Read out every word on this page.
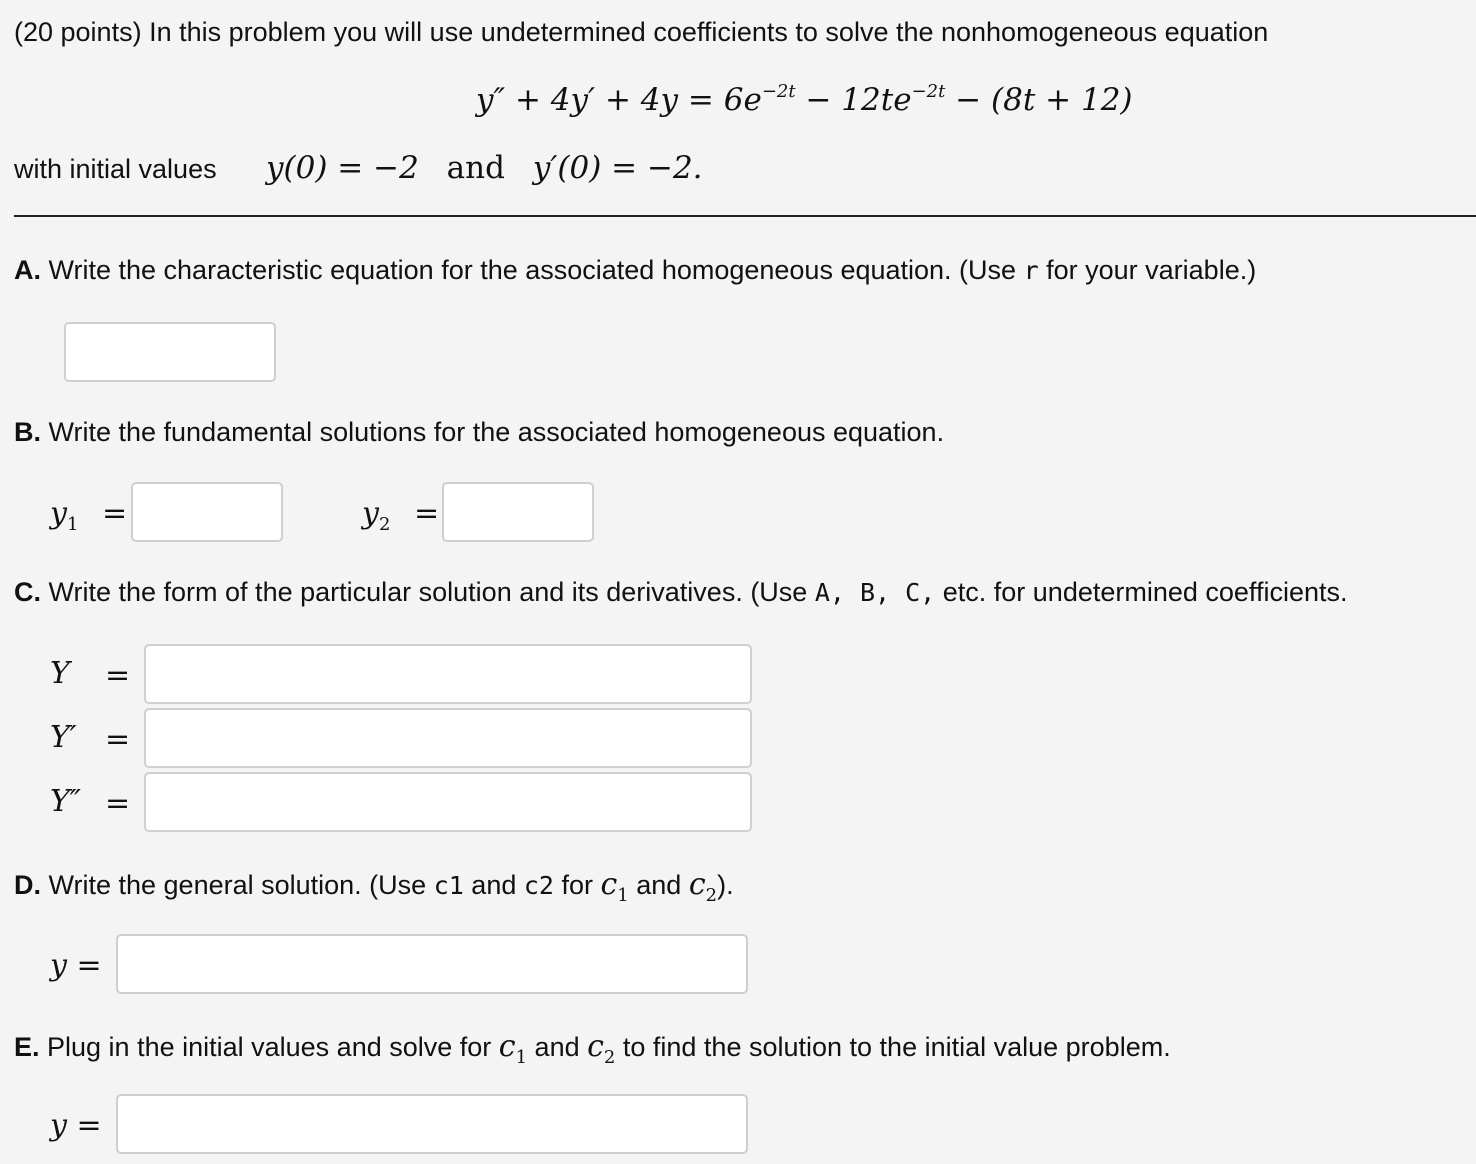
(20 points) In this problem you will use undetermined coefficients to solve the nonhomogeneous equation
$y'' + 4y' + 4y = 6e^{-2t} - 12te^{-2t} - (8t + 12)$
with initial values y(0) = −2 and y′(0) = −2.
A. Write the characteristic equation for the associated homogeneous equation. (Use r for your variable.)
B. Write the fundamental solutions for the associated homogeneous equation.
$y_1$ =	$y_2$ =
C. Write the form of the particular solution and its derivatives. (Use A, B, C, etc. for undetermined coefficients.
Y =
Y′ =
Y″ =
D. Write the general solution. (Use c1 and c2 for $c_1$ and $c_2$).
y =
E. Plug in the initial values and solve for $c_1$ and $c_2$ to find the solution to the initial value problem.
y =
